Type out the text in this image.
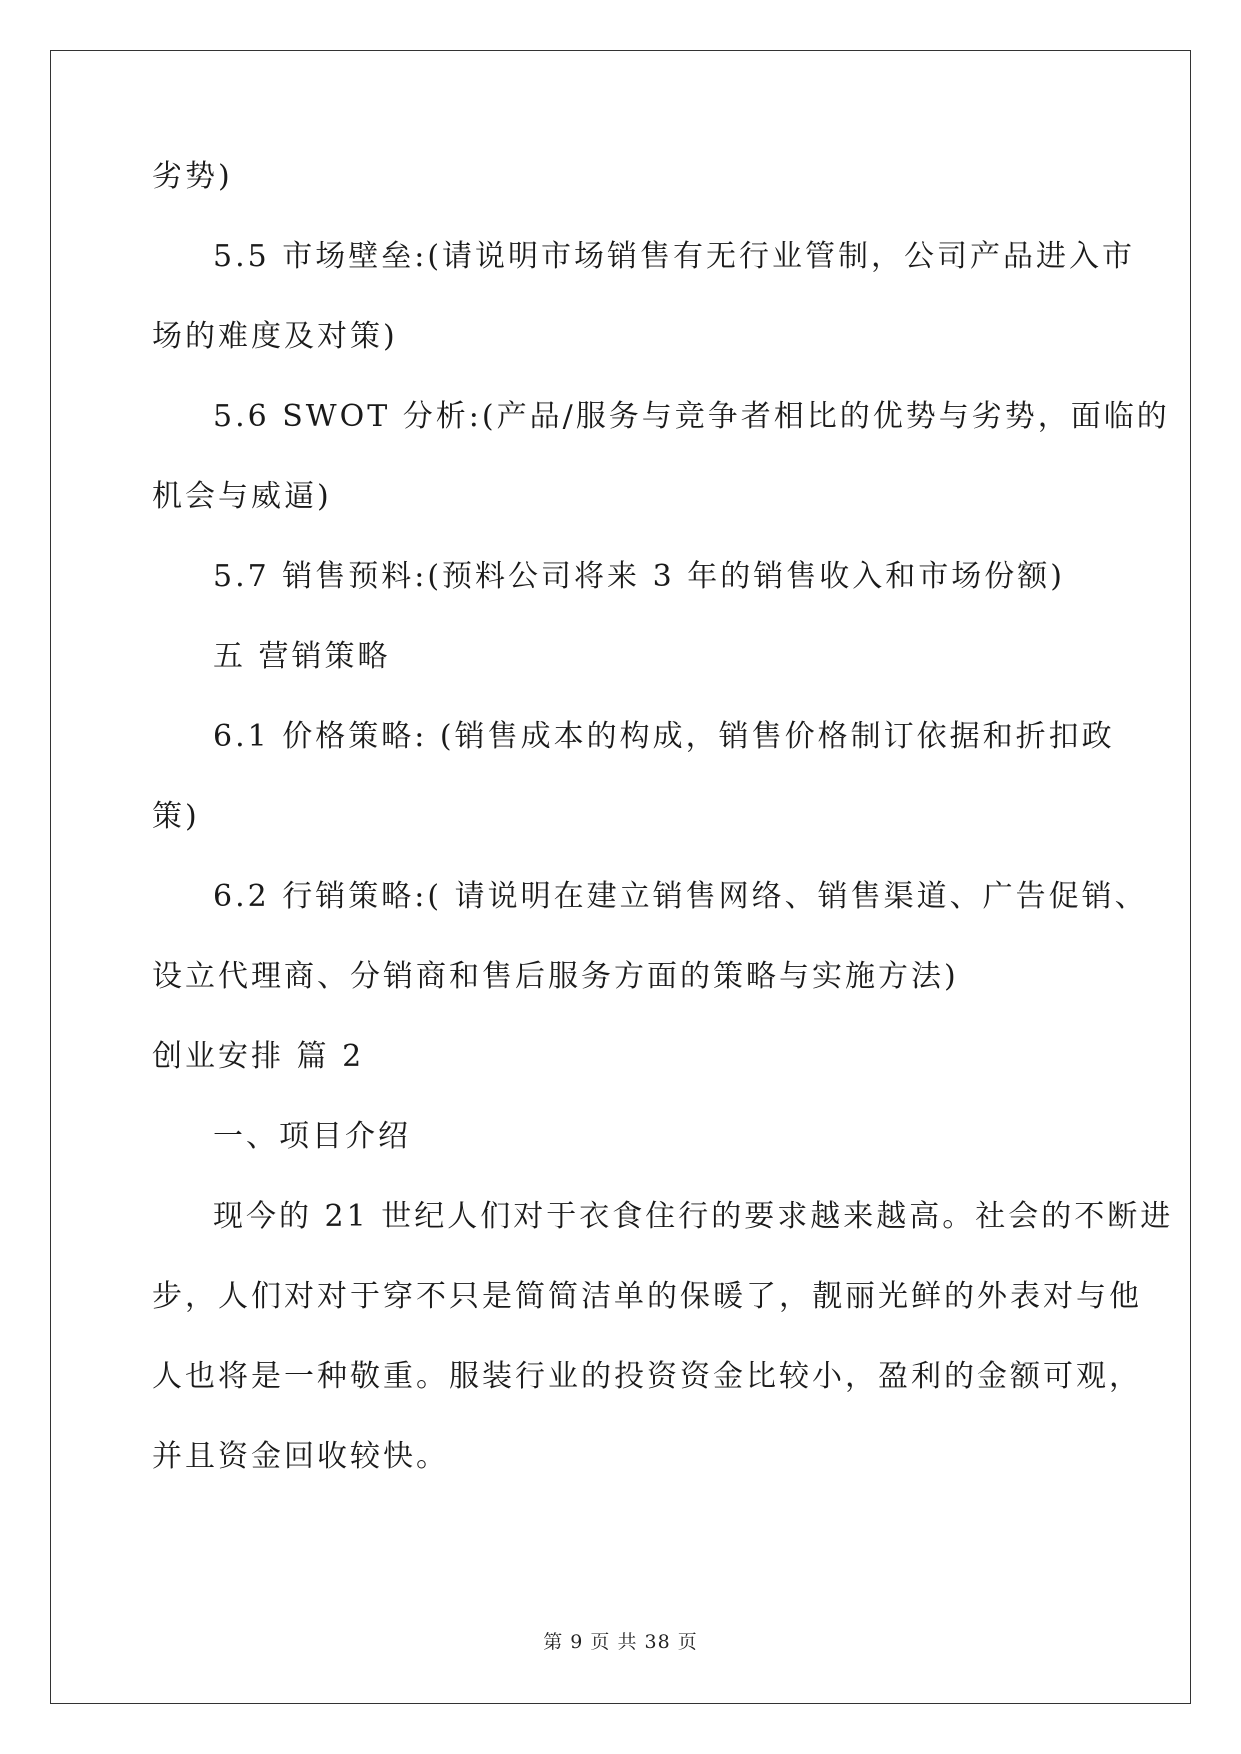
劣势)
5.5 市场壁垒:(请说明市场销售有无行业管制，公司产品进入市
场的难度及对策)
5.6 SWOT 分析:(产品/服务与竞争者相比的优势与劣势，面临的
机会与威逼)
5.7 销售预料:(预料公司将来 3 年的销售收入和市场份额)
五 营销策略
6.1 价格策略: (销售成本的构成，销售价格制订依据和折扣政
策)
6.2 行销策略:( 请说明在建立销售网络、销售渠道、广告促销、
设立代理商、分销商和售后服务方面的策略与实施方法)
创业安排 篇 2
一、项目介绍
现今的 21 世纪人们对于衣食住行的要求越来越高。社会的不断进
步，人们对对于穿不只是简简洁单的保暖了，靓丽光鲜的外表对与他
人也将是一种敬重。服装行业的投资资金比较小，盈利的金额可观，
并且资金回收较快。
第 9 页 共 38 页
